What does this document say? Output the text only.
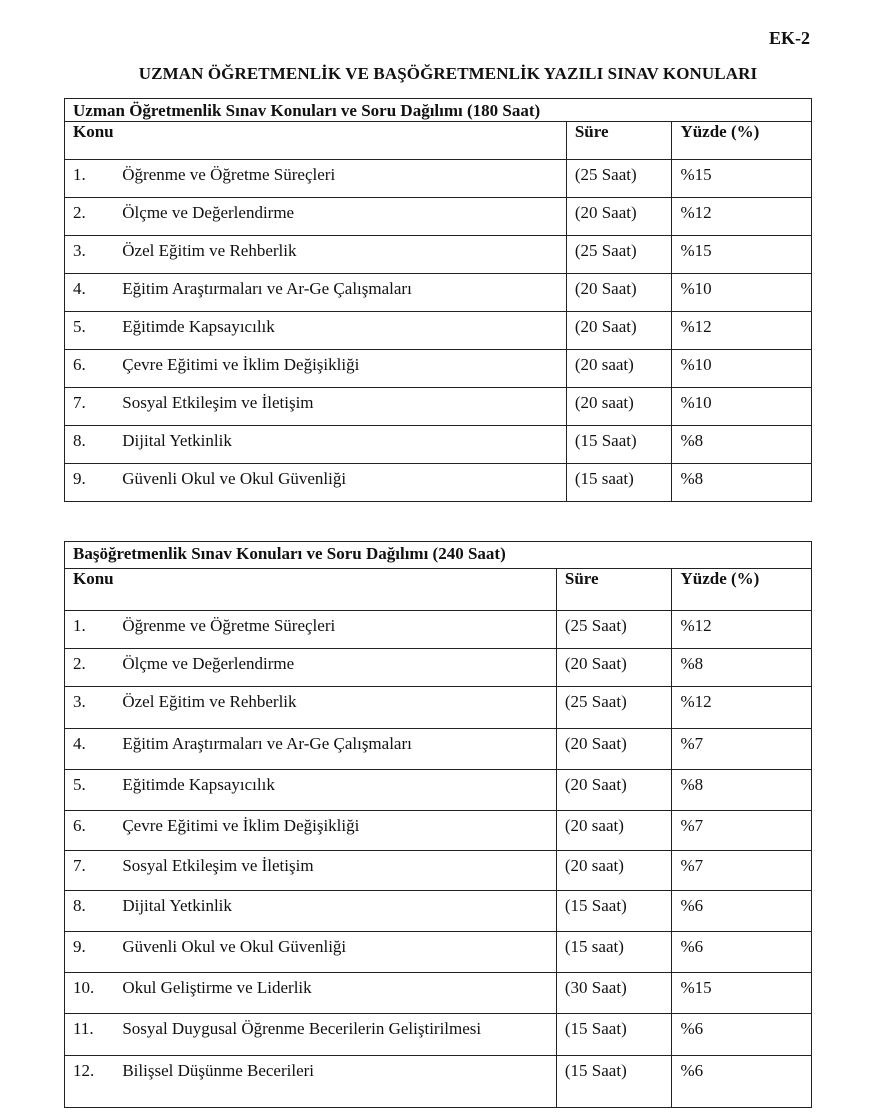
EK-2
UZMAN ÖĞRETMENLİK VE BAŞÖĞRETMENLİK YAZILI SINAV KONULARI
Uzman Öğretmenlik Sınav Konuları ve Soru Dağılımı (180 Saat)			
Konu		Süre	Yüzde (%)
1.	Öğrenme ve Öğretme Süreçleri	(25 Saat)	%15
2.	Ölçme ve Değerlendirme	(20 Saat)	%12
3.	Özel Eğitim ve Rehberlik	(25 Saat)	%15
4.	Eğitim Araştırmaları ve Ar-Ge Çalışmaları	(20 Saat)	%10
5.	Eğitimde Kapsayıcılık	(20 Saat)	%12
6.	Çevre Eğitimi ve İklim Değişikliği	(20 saat)	%10
7.	Sosyal Etkileşim ve İletişim	(20 saat)	%10
8.	Dijital Yetkinlik	(15 Saat)	%8
9.	Güvenli Okul ve Okul Güvenliği	(15 saat)	%8
Başöğretmenlik Sınav Konuları ve Soru Dağılımı (240 Saat)			
Konu		Süre	Yüzde (%)
1.	Öğrenme ve Öğretme Süreçleri	(25 Saat)	%12
2.	Ölçme ve Değerlendirme	(20 Saat)	%8
3.	Özel Eğitim ve Rehberlik	(25 Saat)	%12
4.	Eğitim Araştırmaları ve Ar-Ge Çalışmaları	(20 Saat)	%7
5.	Eğitimde Kapsayıcılık	(20 Saat)	%8
6.	Çevre Eğitimi ve İklim Değişikliği	(20 saat)	%7
7.	Sosyal Etkileşim ve İletişim	(20 saat)	%7
8.	Dijital Yetkinlik	(15 Saat)	%6
9.	Güvenli Okul ve Okul Güvenliği	(15 saat)	%6
10.	Okul Geliştirme ve Liderlik	(30 Saat)	%15
11.	Sosyal Duygusal Öğrenme Becerilerin Geliştirilmesi	(15 Saat)	%6
12.	Bilişsel Düşünme Becerileri	(15 Saat)	%6
